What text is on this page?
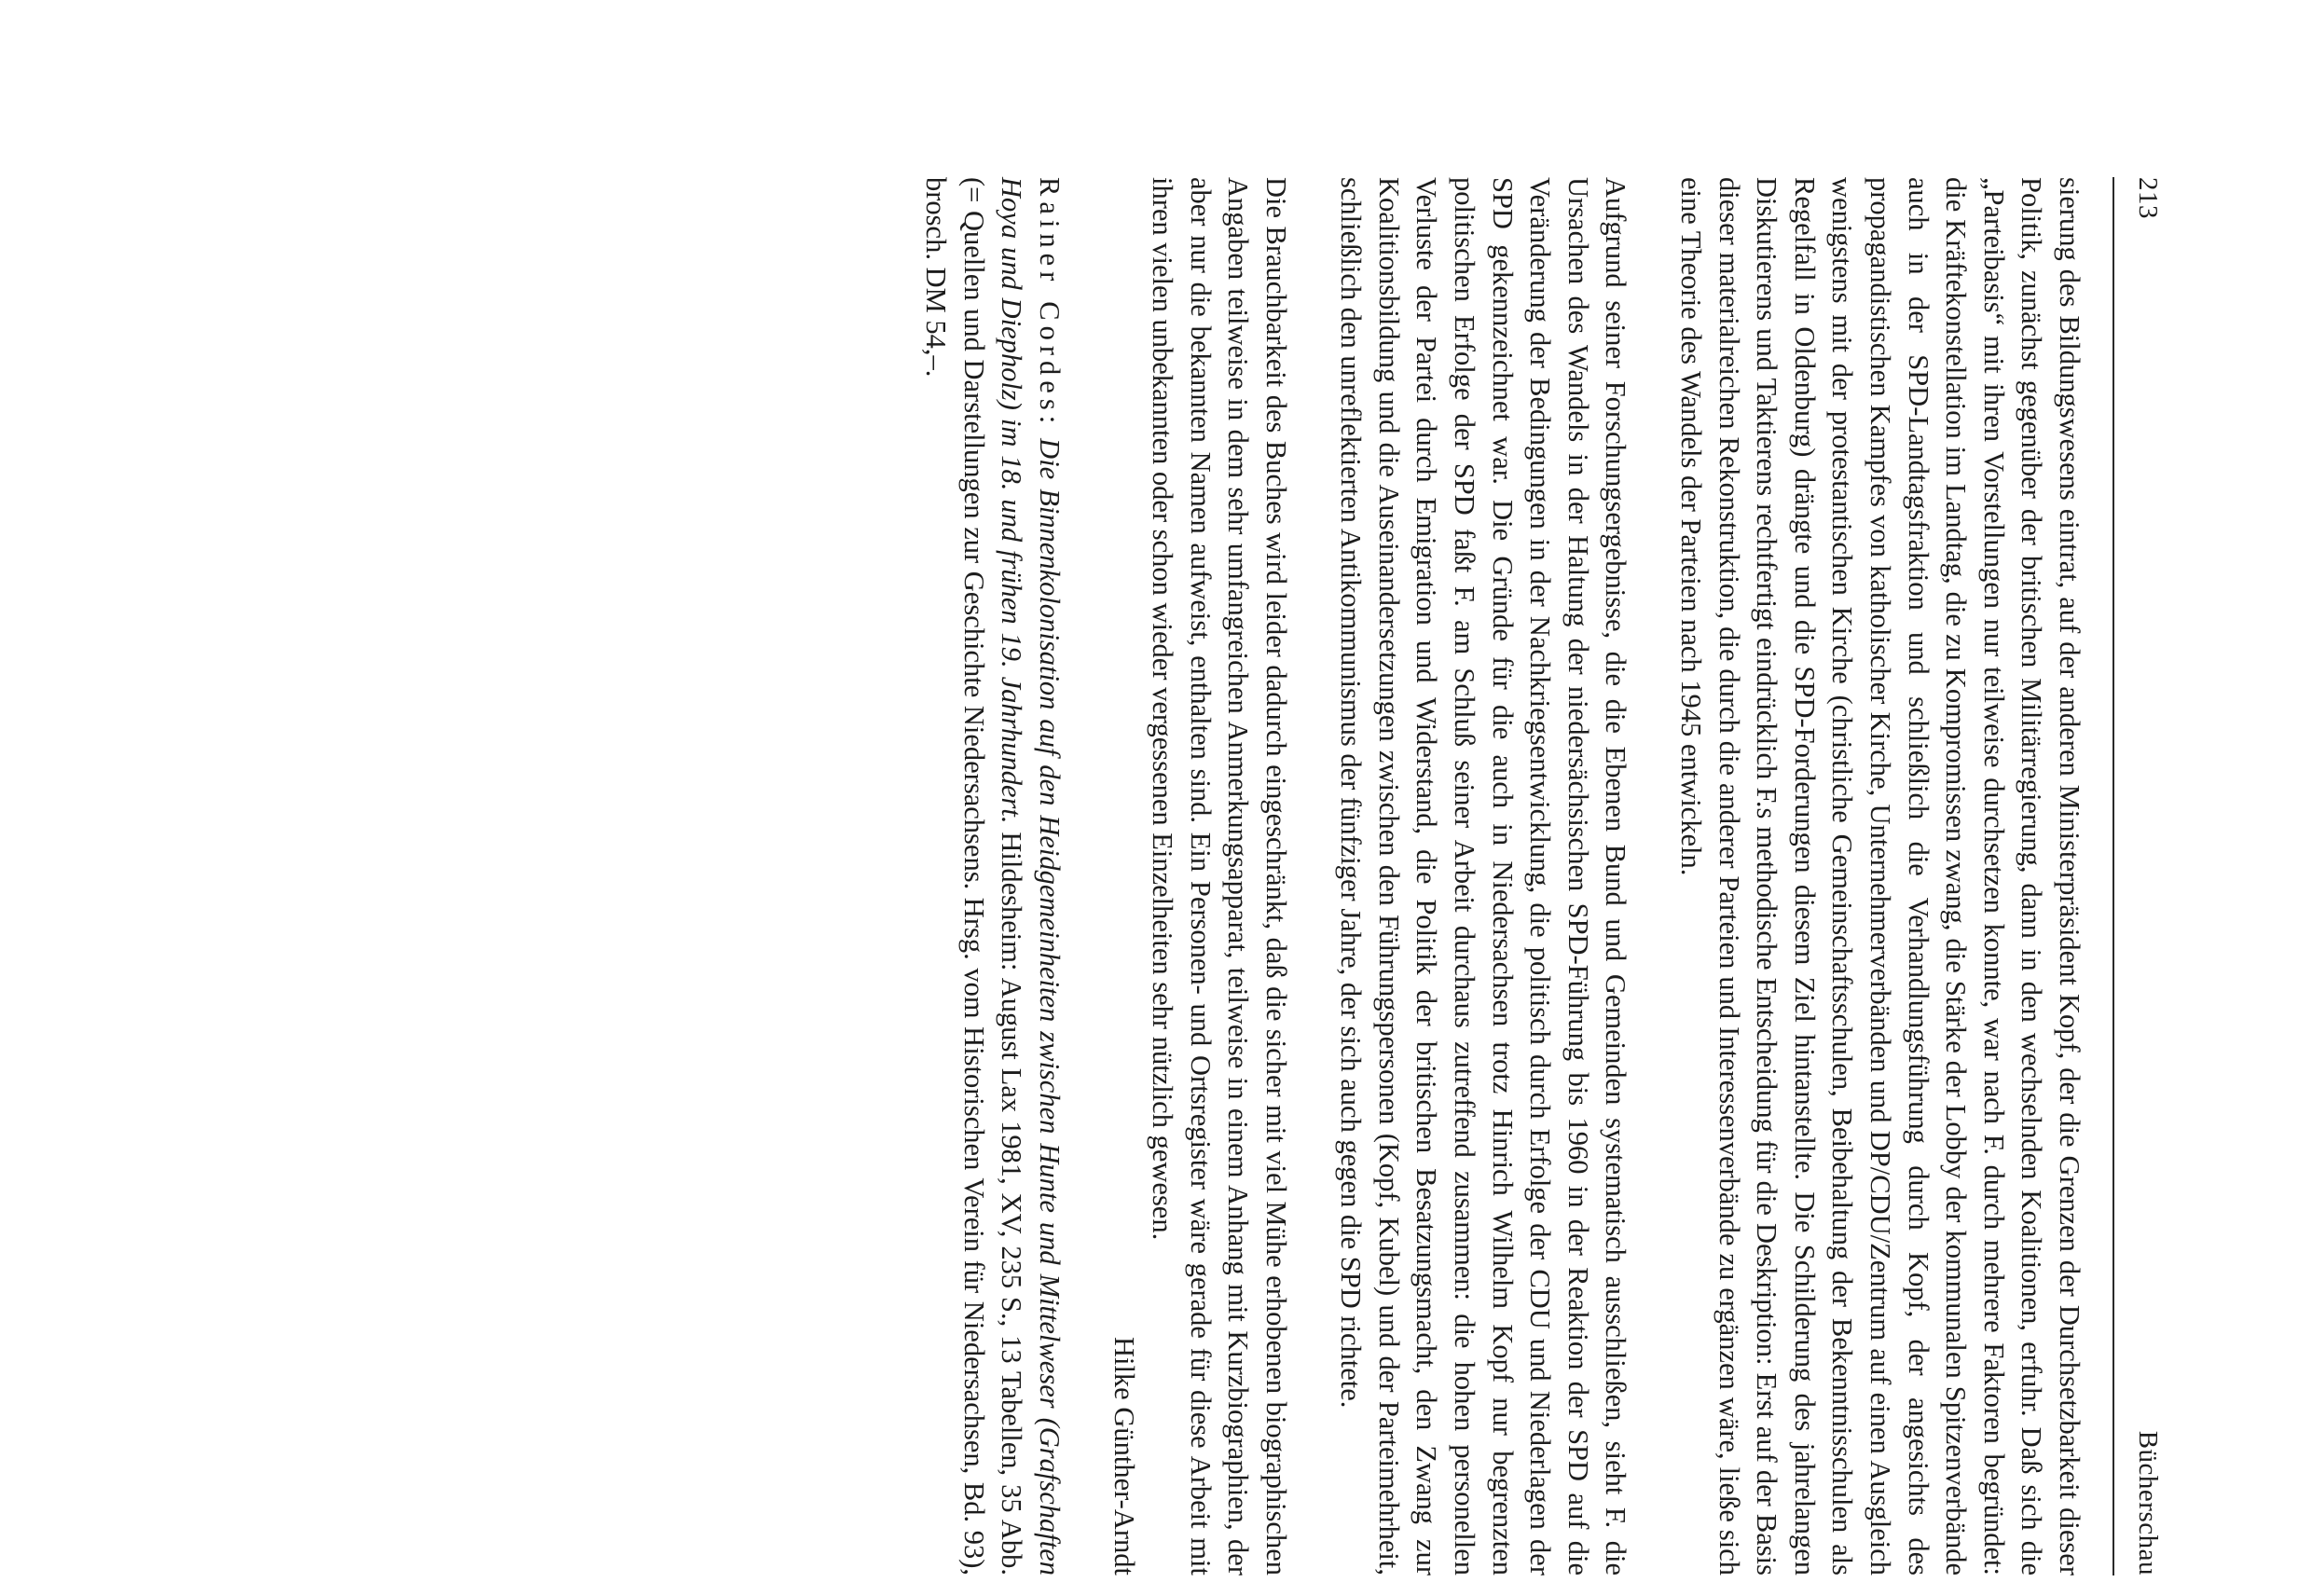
213
Bücherschau

sierung des Bildungswesens eintrat, auf der anderen Ministerpräsident Kopf, der die Grenzen der Durchsetzbarkeit dieser Politik, zunächst gegenüber der britischen Militärregierung, dann in den wechselnden Koalitionen, erfuhr. Daß sich die „Parteibasis“ mit ihren Vorstellungen nur teilweise durchsetzen konnte, war nach F. durch mehrere Faktoren begründet: die Kräftekonstellation im Landtag, die zu Kompromissen zwang, die Stärke der Lobby der kommunalen Spitzenverbände auch in der SPD-Landtagsfraktion und schließlich die Verhandlungsführung durch Kopf, der angesichts des propagandistischen Kampfes von katholischer Kirche, Unternehmerverbänden und DP/CDU/Zentrum auf einen Ausgleich wenigstens mit der protestantischen Kirche (christliche Gemeinschaftsschulen, Beibehaltung der Bekenntnisschulen als Regelfall in Oldenburg) drängte und die SPD-Forderungen diesem Ziel hintanstellte. Die Schilderung des jahrelangen Diskutierens und Taktierens rechtfertigt eindrücklich F.s methodische Entscheidung für die Deskription: Erst auf der Basis dieser materialreichen Rekonstruktion, die durch die anderer Parteien und Interessenverbände zu ergänzen wäre, ließe sich eine Theorie des Wandels der Parteien nach 1945 entwickeln.

Aufgrund seiner Forschungsergebnisse, die die Ebenen Bund und Gemeinden systematisch ausschließen, sieht F. die Ursachen des Wandels in der Haltung der niedersächsischen SPD-Führung bis 1960 in der Reaktion der SPD auf die Veränderung der Bedingungen in der Nachkriegsentwicklung, die politisch durch Erfolge der CDU und Niederlagen der SPD gekennzeichnet war. Die Gründe für die auch in Niedersachsen trotz Hinrich Wilhelm Kopf nur begrenzten politischen Erfolge der SPD faßt F. am Schluß seiner Arbeit durchaus zutreffend zusammen: die hohen personellen Verluste der Partei durch Emigration und Widerstand, die Politik der britischen Besatzungsmacht, den Zwang zur Koalitionsbildung und die Auseinandersetzungen zwischen den Führungspersonen (Kopf, Kubel) und der Parteimehrheit, schließlich den unreflektierten Antikommunismus der fünfziger Jahre, der sich auch gegen die SPD richtete.

Die Brauchbarkeit des Buches wird leider dadurch eingeschränkt, daß die sicher mit viel Mühe erhobenen biographischen Angaben teilweise in dem sehr umfangreichen Anmerkungsapparat, teilweise in einem Anhang mit Kurzbiographien, der aber nur die bekannten Namen aufweist, enthalten sind. Ein Personen- und Ortsregister wäre gerade für diese Arbeit mit ihren vielen unbekannten oder schon wieder vergessenen Einzelheiten sehr nützlich gewesen.

Hilke Günther-Arndt

Rainer Cordes: Die Binnenkolonisation auf den Heidgemeinheiten zwischen Hunte und Mittelweser (Grafschaften Hoya und Diepholz) im 18. und frühen 19. Jahrhundert. Hildesheim: August Lax 1981, XV, 235 S., 13 Tabellen, 35 Abb. (= Quellen und Darstellungen zur Geschichte Niedersachsens. Hrsg. vom Historischen Verein für Niedersachsen, Bd. 93), brosch. DM 54,–.
